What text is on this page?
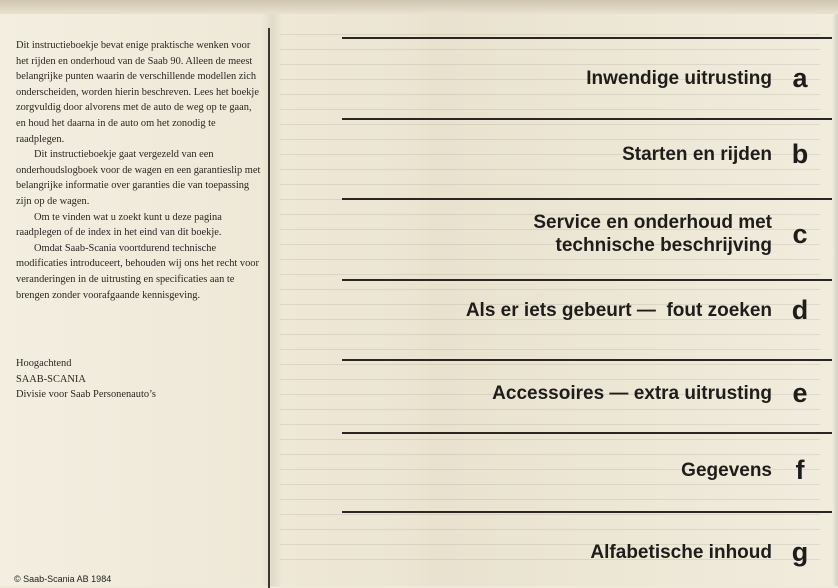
Dit instructieboekje bevat enige praktische wenken voor het rijden en onderhoud van de Saab 90. Alleen de meest belangrijke punten waarin de verschillende modellen zich onderscheiden, worden hierin beschreven. Lees het boekje zorgvuldig door alvorens met de auto de weg op te gaan, en houd het daarna in de auto om het zonodig te raadplegen.

Dit instructieboekje gaat vergezeld van een onderhoudslogboek voor de wagen en een garantieslip met belangrijke informatie over garanties die van toepassing zijn op de wagen.

Om te vinden wat u zoekt kunt u deze pagina raadplegen of de index in het eind van dit boekje.

Omdat Saab-Scania voortdurend technische modificaties introduceert, behouden wij ons het recht voor veranderingen in de uitrusting en specificaties aan te brengen zonder voorafgaande kennisgeving.

Hoogachtend
SAAB-SCANIA
Divisie voor Saab Personenauto’s
Inwendige uitrusting a
Starten en rijden b
Service en onderhoud met technische beschrijving c
Als er iets gebeurt —  fout zoeken d
Accessoires — extra uitrusting e
Gegevens f
Alfabetische inhoud g
© Saab-Scania AB 1984
